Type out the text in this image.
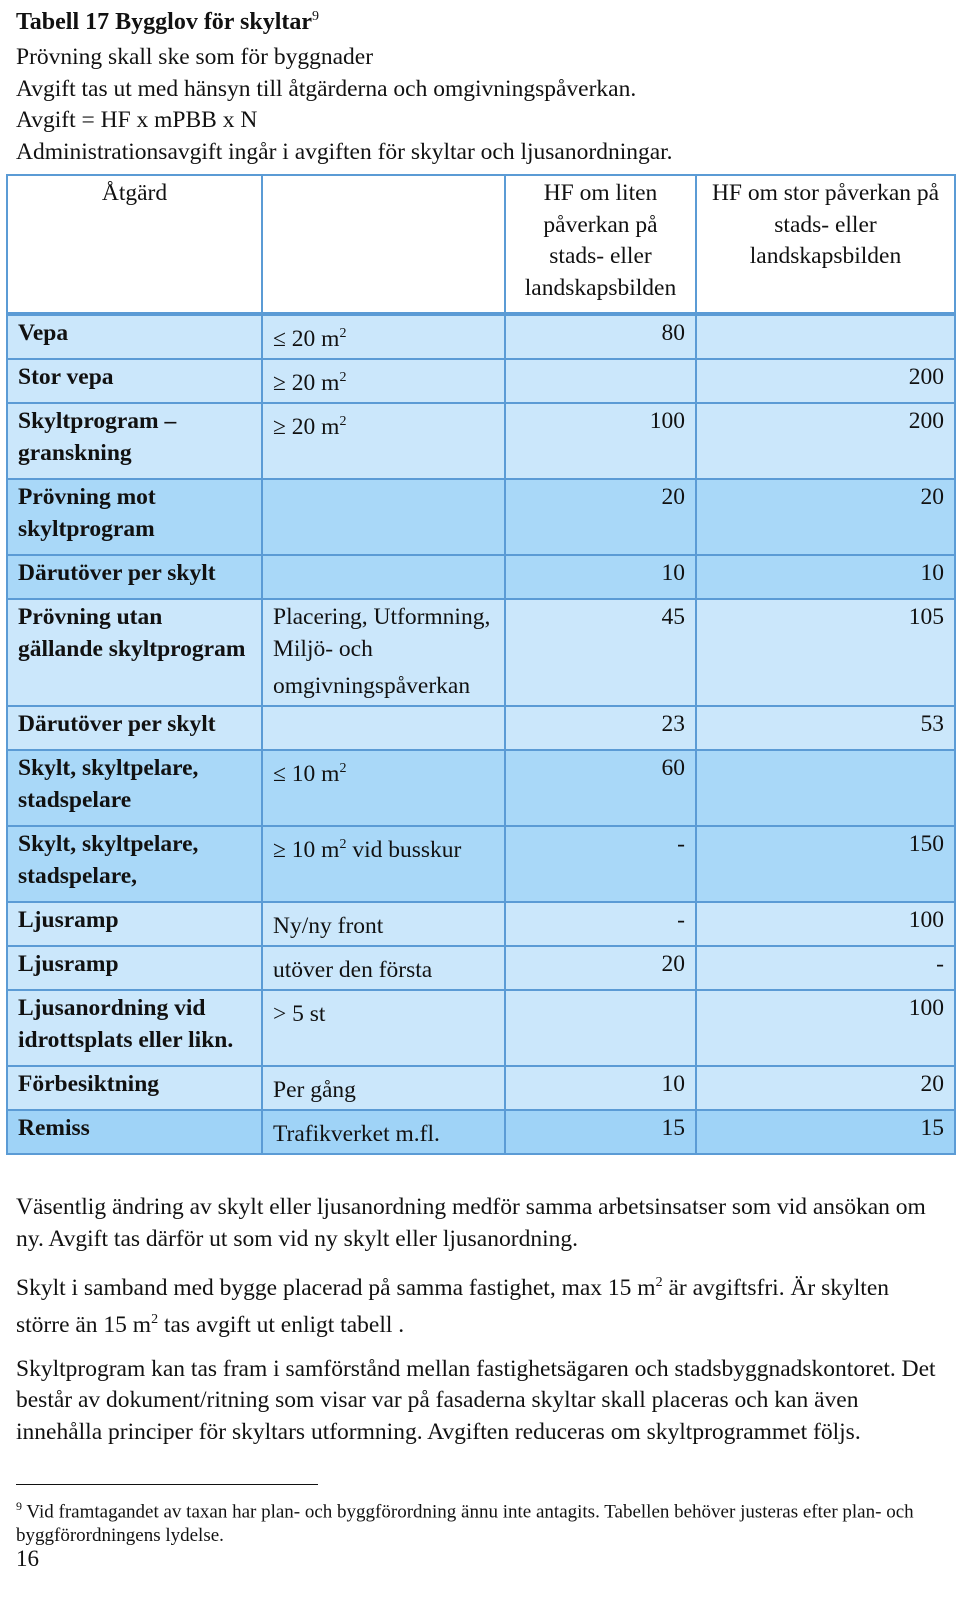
Tabell 17 Bygglov för skyltar$^9$
Prövning skall ske som för byggnader
Avgift tas ut med hänsyn till åtgärderna och omgivningspåverkan.
Avgift = HF x mPBB x N
Administrationsavgift ingår i avgiften för skyltar och ljusanordningar.
Åtgärd		HF om liten påverkan på stads- eller landskapsbilden	HF om stor påverkan på stads- eller landskapsbilden
Vepa	≤ 20 $m^2$	80	
Stor vepa	≥ 20 $m^2$		200
Skyltprogram – granskning	≥ 20 $m^2$	100	200
Prövning mot skyltprogram		20	20
Därutöver per skylt		10	10
Prövning utan gällande skyltprogram	Placering, Utformning, Miljö- och omgivningspåverkan	45	105
Därutöver per skylt		23	53
Skylt, skyltpelare, stadspelare	≤ 10 $m^2$	60	
Skylt, skyltpelare, stadspelare,	≥ 10 $m^2$ vid busskur	-	150
Ljusramp	Ny/ny front	-	100
Ljusramp	utöver den första	20	-
Ljusanordning vid idrottsplats eller likn.	> 5 st		100
Förbesiktning	Per gång	10	20
Remiss	Trafikverket m.fl.	15	15

Väsentlig ändring av skylt eller ljusanordning medför samma arbetsinsatser som vid ansökan om ny. Avgift tas därför ut som vid ny skylt eller ljusanordning.

Skylt i samband med bygge placerad på samma fastighet, max 15 $m^2$ är avgiftsfri. Är skylten större än 15 $m^2$ tas avgift ut enligt tabell .

Skyltprogram kan tas fram i samförstånd mellan fastighetsägaren och stadsbyggnadskontoret. Det består av dokument/ritning som visar var på fasaderna skyltar skall placeras och kan även innehålla principer för skyltars utformning. Avgiften reduceras om skyltprogrammet följs.

$^9$ Vid framtagandet av taxan har plan- och byggförordning ännu inte antagits. Tabellen behöver justeras efter plan- och byggförordningens lydelse.
16
